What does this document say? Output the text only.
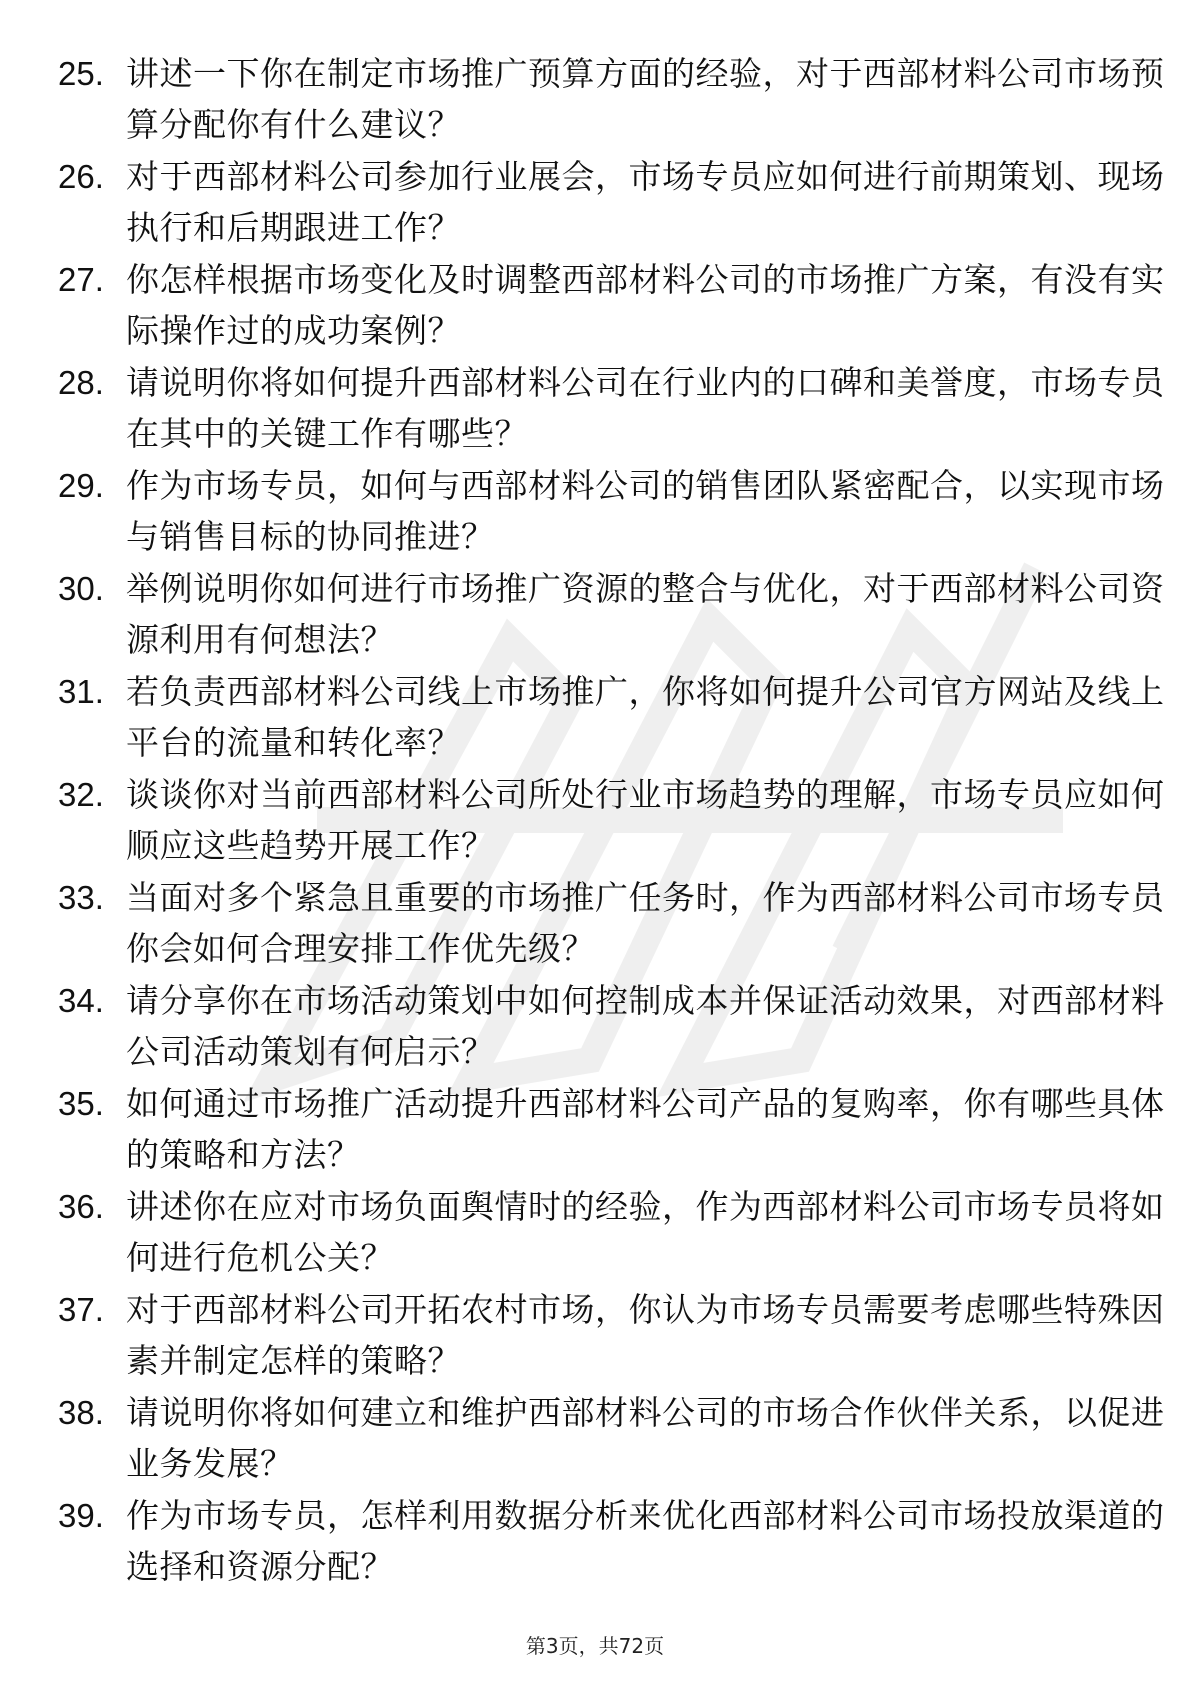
25. 讲述一下你在制定市场推广预算方面的经验，对于西部材料公司市场预算分配你有什么建议？
26. 对于西部材料公司参加行业展会，市场专员应如何进行前期策划、现场执行和后期跟进工作？
27. 你怎样根据市场变化及时调整西部材料公司的市场推广方案，有没有实际操作过的成功案例？
28. 请说明你将如何提升西部材料公司在行业内的口碑和美誉度，市场专员在其中的关键工作有哪些？
29. 作为市场专员，如何与西部材料公司的销售团队紧密配合，以实现市场与销售目标的协同推进？
30. 举例说明你如何进行市场推广资源的整合与优化，对于西部材料公司资源利用有何想法？
31. 若负责西部材料公司线上市场推广，你将如何提升公司官方网站及线上平台的流量和转化率？
32. 谈谈你对当前西部材料公司所处行业市场趋势的理解，市场专员应如何顺应这些趋势开展工作？
33. 当面对多个紧急且重要的市场推广任务时，作为西部材料公司市场专员你会如何合理安排工作优先级？
34. 请分享你在市场活动策划中如何控制成本并保证活动效果，对西部材料公司活动策划有何启示？
35. 如何通过市场推广活动提升西部材料公司产品的复购率，你有哪些具体的策略和方法？
36. 讲述你在应对市场负面舆情时的经验，作为西部材料公司市场专员将如何进行危机公关？
37. 对于西部材料公司开拓农村市场，你认为市场专员需要考虑哪些特殊因素并制定怎样的策略？
38. 请说明你将如何建立和维护西部材料公司的市场合作伙伴关系，以促进业务发展？
39. 作为市场专员，怎样利用数据分析来优化西部材料公司市场投放渠道的选择和资源分配？
第3页，共72页
